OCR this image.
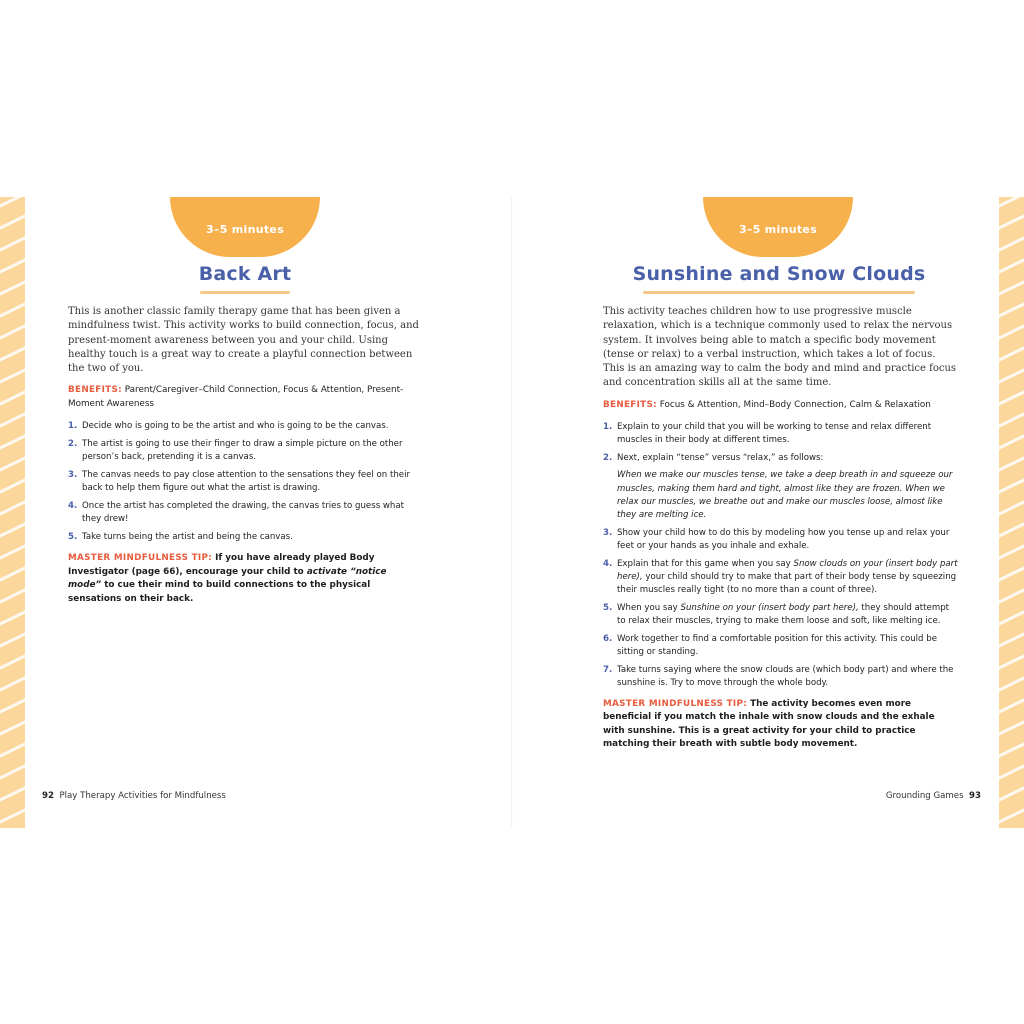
3–5 minutes
Back Art

This is another classic family therapy game that has been given a mindfulness twist. This activity works to build connection, focus, and present-moment awareness between you and your child. Using healthy touch is a great way to create a playful connection between the two of you.

BENEFITS: Parent/Caregiver–Child Connection, Focus & Attention, Present-Moment Awareness

1. Decide who is going to be the artist and who is going to be the canvas.
2. The artist is going to use their finger to draw a simple picture on the other person’s back, pretending it is a canvas.
3. The canvas needs to pay close attention to the sensations they feel on their back to help them figure out what the artist is drawing.
4. Once the artist has completed the drawing, the canvas tries to guess what they drew!
5. Take turns being the artist and being the canvas.

MASTER MINDFULNESS TIP: If you have already played Body Investigator (page 66), encourage your child to activate “notice mode” to cue their mind to build connections to the physical sensations on their back.

92 Play Therapy Activities for Mindfulness
3–5 minutes
Sunshine and Snow Clouds

This activity teaches children how to use progressive muscle relaxation, which is a technique commonly used to relax the nervous system. It involves being able to match a specific body movement (tense or relax) to a verbal instruction, which takes a lot of focus. This is an amazing way to calm the body and mind and practice focus and concentration skills all at the same time.

BENEFITS: Focus & Attention, Mind–Body Connection, Calm & Relaxation

1. Explain to your child that you will be working to tense and relax different muscles in their body at different times.
2. Next, explain “tense” versus “relax,” as follows:
When we make our muscles tense, we take a deep breath in and squeeze our muscles, making them hard and tight, almost like they are frozen. When we relax our muscles, we breathe out and make our muscles loose, almost like they are melting ice.
3. Show your child how to do this by modeling how you tense up and relax your feet or your hands as you inhale and exhale.
4. Explain that for this game when you say Snow clouds on your (insert body part here), your child should try to make that part of their body tense by squeezing their muscles really tight (to no more than a count of three).
5. When you say Sunshine on your (insert body part here), they should attempt to relax their muscles, trying to make them loose and soft, like melting ice.
6. Work together to find a comfortable position for this activity. This could be sitting or standing.
7. Take turns saying where the snow clouds are (which body part) and where the sunshine is. Try to move through the whole body.

MASTER MINDFULNESS TIP: The activity becomes even more beneficial if you match the inhale with snow clouds and the exhale with sunshine. This is a great activity for your child to practice matching their breath with subtle body movement.

Grounding Games 93
